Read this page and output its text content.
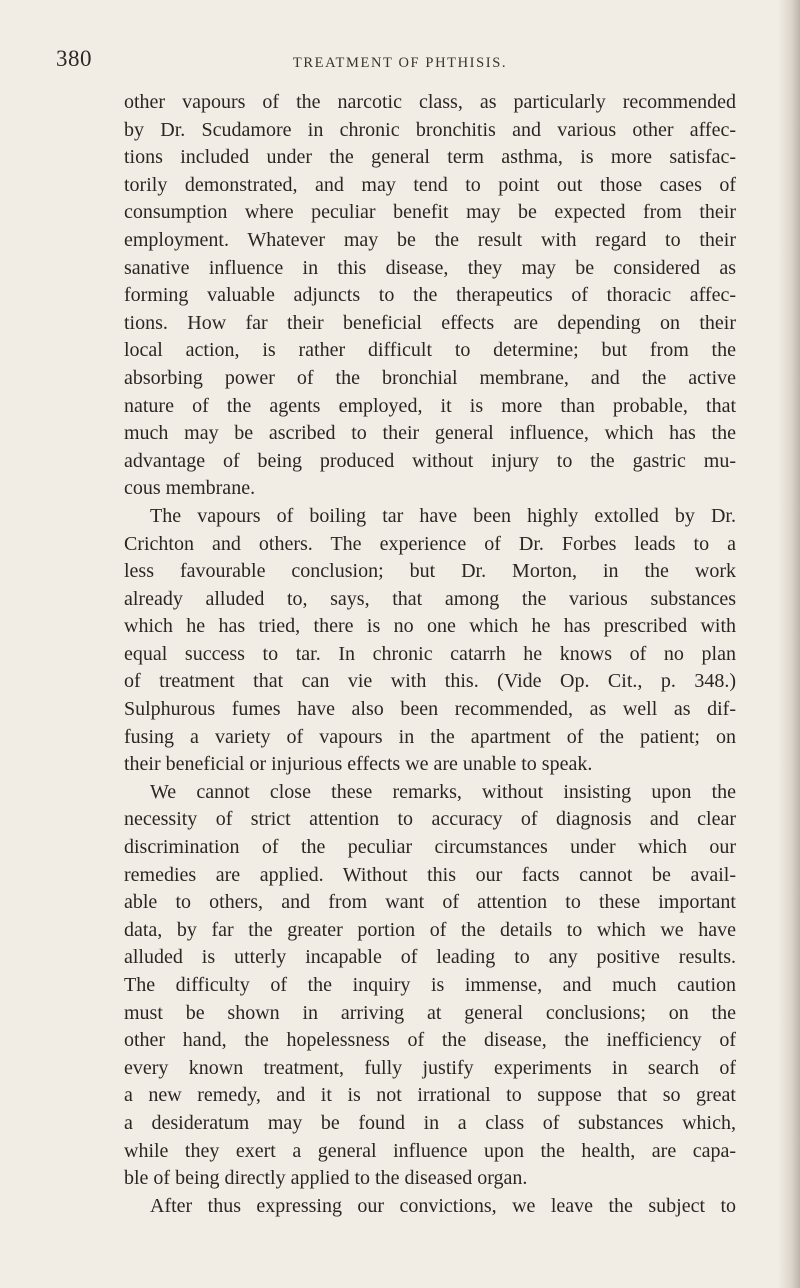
380	TREATMENT OF PHTHISIS.
other vapours of the narcotic class, as particularly recommended
by Dr. Scudamore in chronic bronchitis and various other affec-
tions included under the general term asthma, is more satisfac-
torily demonstrated, and may tend to point out those cases of
consumption where peculiar benefit may be expected from their
employment. Whatever may be the result with regard to their
sanative influence in this disease, they may be considered as
forming valuable adjuncts to the therapeutics of thoracic affec-
tions. How far their beneficial effects are depending on their
local action, is rather difficult to determine; but from the
absorbing power of the bronchial membrane, and the active
nature of the agents employed, it is more than probable, that
much may be ascribed to their general influence, which has the
advantage of being produced without injury to the gastric mu-
cous membrane.
The vapours of boiling tar have been highly extolled by Dr.
Crichton and others. The experience of Dr. Forbes leads to a
less favourable conclusion; but Dr. Morton, in the work
already alluded to, says, that among the various substances
which he has tried, there is no one which he has prescribed with
equal success to tar. In chronic catarrh he knows of no plan
of treatment that can vie with this. (Vide Op. Cit., p. 348.)
Sulphurous fumes have also been recommended, as well as dif-
fusing a variety of vapours in the apartment of the patient; on
their beneficial or injurious effects we are unable to speak.
We cannot close these remarks, without insisting upon the
necessity of strict attention to accuracy of diagnosis and clear
discrimination of the peculiar circumstances under which our
remedies are applied. Without this our facts cannot be avail-
able to others, and from want of attention to these important
data, by far the greater portion of the details to which we have
alluded is utterly incapable of leading to any positive results.
The difficulty of the inquiry is immense, and much caution
must be shown in arriving at general conclusions; on the
other hand, the hopelessness of the disease, the inefficiency of
every known treatment, fully justify experiments in search of
a new remedy, and it is not irrational to suppose that so great
a desideratum may be found in a class of substances which,
while they exert a general influence upon the health, are capa-
ble of being directly applied to the diseased organ.
After thus expressing our convictions, we leave the subject to
